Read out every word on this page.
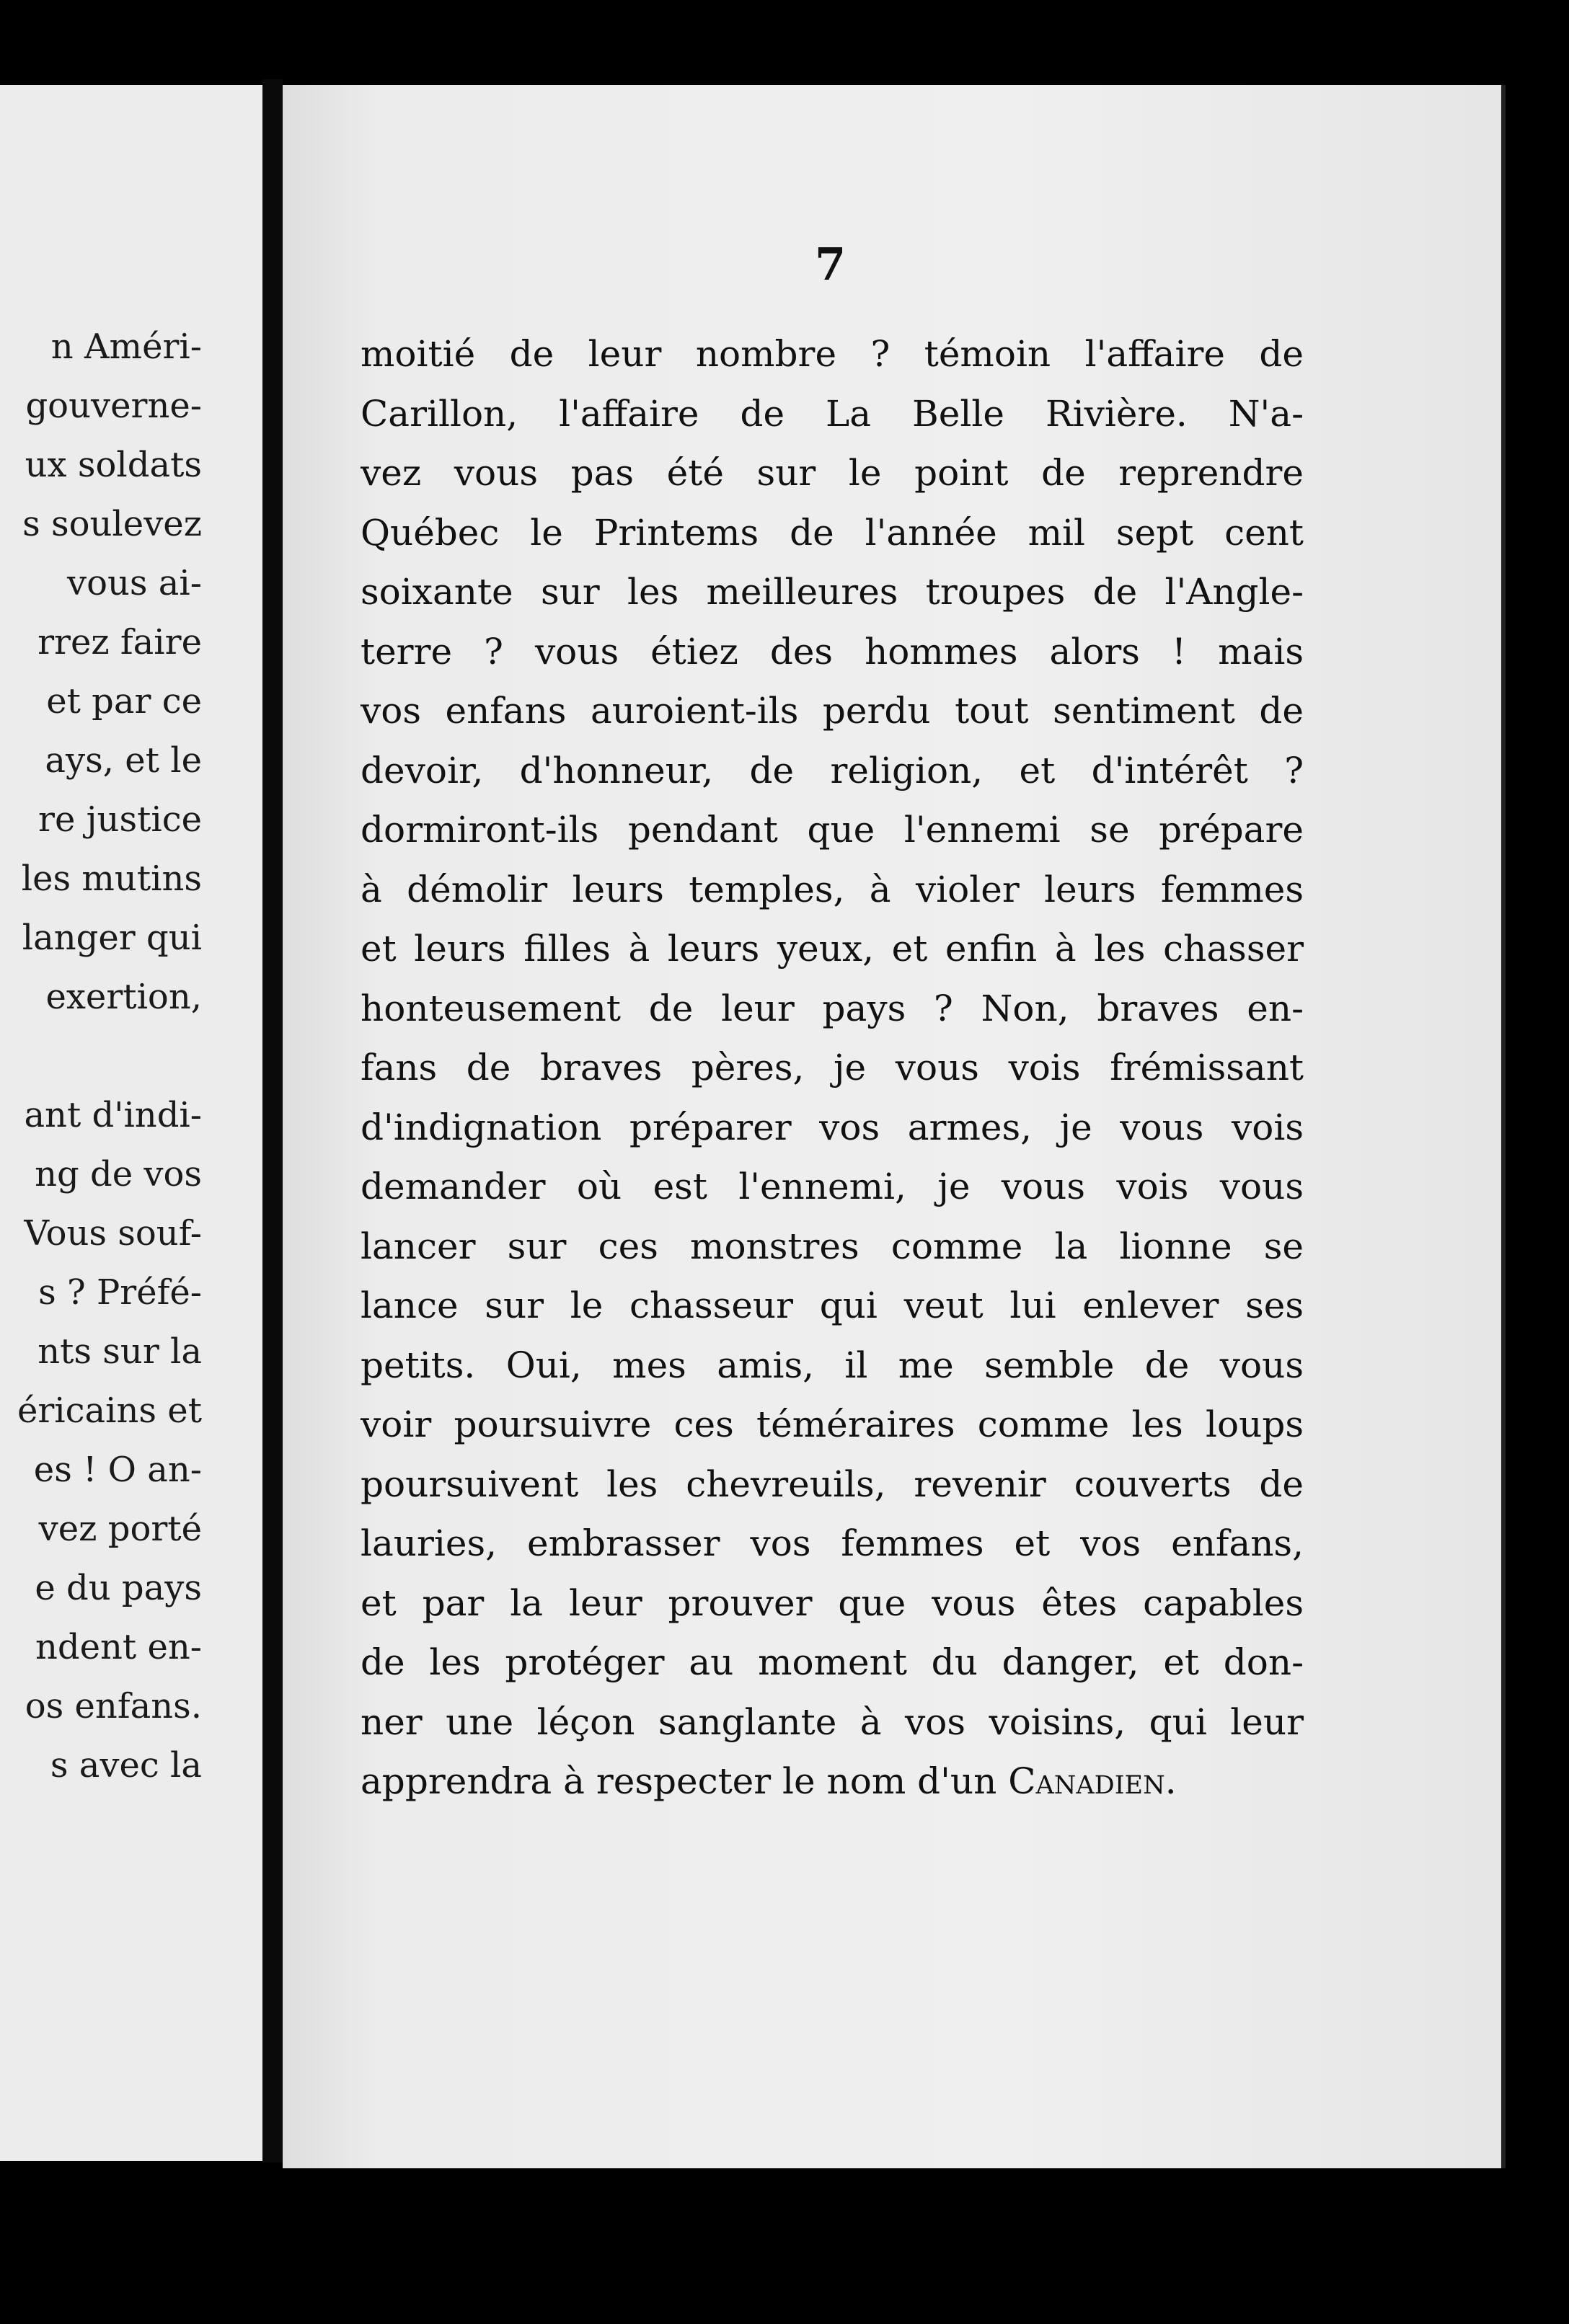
n Améri-
gouverne-
ux soldats
s soulevez
vous ai-
rrez faire
et par ce
ays, et le
re justice
les mutins
langer qui
exertion,
ant d'indi-
ng de vos
Vous souf-
s ? Préfé-
nts sur la
éricains et
es ! O an-
vez porté
e du pays
ndent en-
os enfans.
s avec la
7
moitié de leur nombre ? témoin l'affaire de
Carillon, l'affaire de La Belle Rivière. N'a-
vez vous pas été sur le point de reprendre
Québec le Printems de l'année mil sept cent
soixante sur les meilleures troupes de l'Angle-
terre ? vous étiez des hommes alors ! mais
vos enfans auroient-ils perdu tout sentiment de
devoir, d'honneur, de religion, et d'intérêt ?
dormiront-ils pendant que l'ennemi se prépare
à démolir leurs temples, à violer leurs femmes
et leurs filles à leurs yeux, et enfin à les chasser
honteusement de leur pays ? Non, braves en-
fans de braves pères, je vous vois frémissant
d'indignation préparer vos armes, je vous vois
demander où est l'ennemi, je vous vois vous
lancer sur ces monstres comme la lionne se
lance sur le chasseur qui veut lui enlever ses
petits. Oui, mes amis, il me semble de vous
voir poursuivre ces téméraires comme les loups
poursuivent les chevreuils, revenir couverts de
lauries, embrasser vos femmes et vos enfans,
et par la leur prouver que vous êtes capables
de les protéger au moment du danger, et don-
ner une léçon sanglante à vos voisins, qui leur
apprendra à respecter le nom d'un Canadien.
